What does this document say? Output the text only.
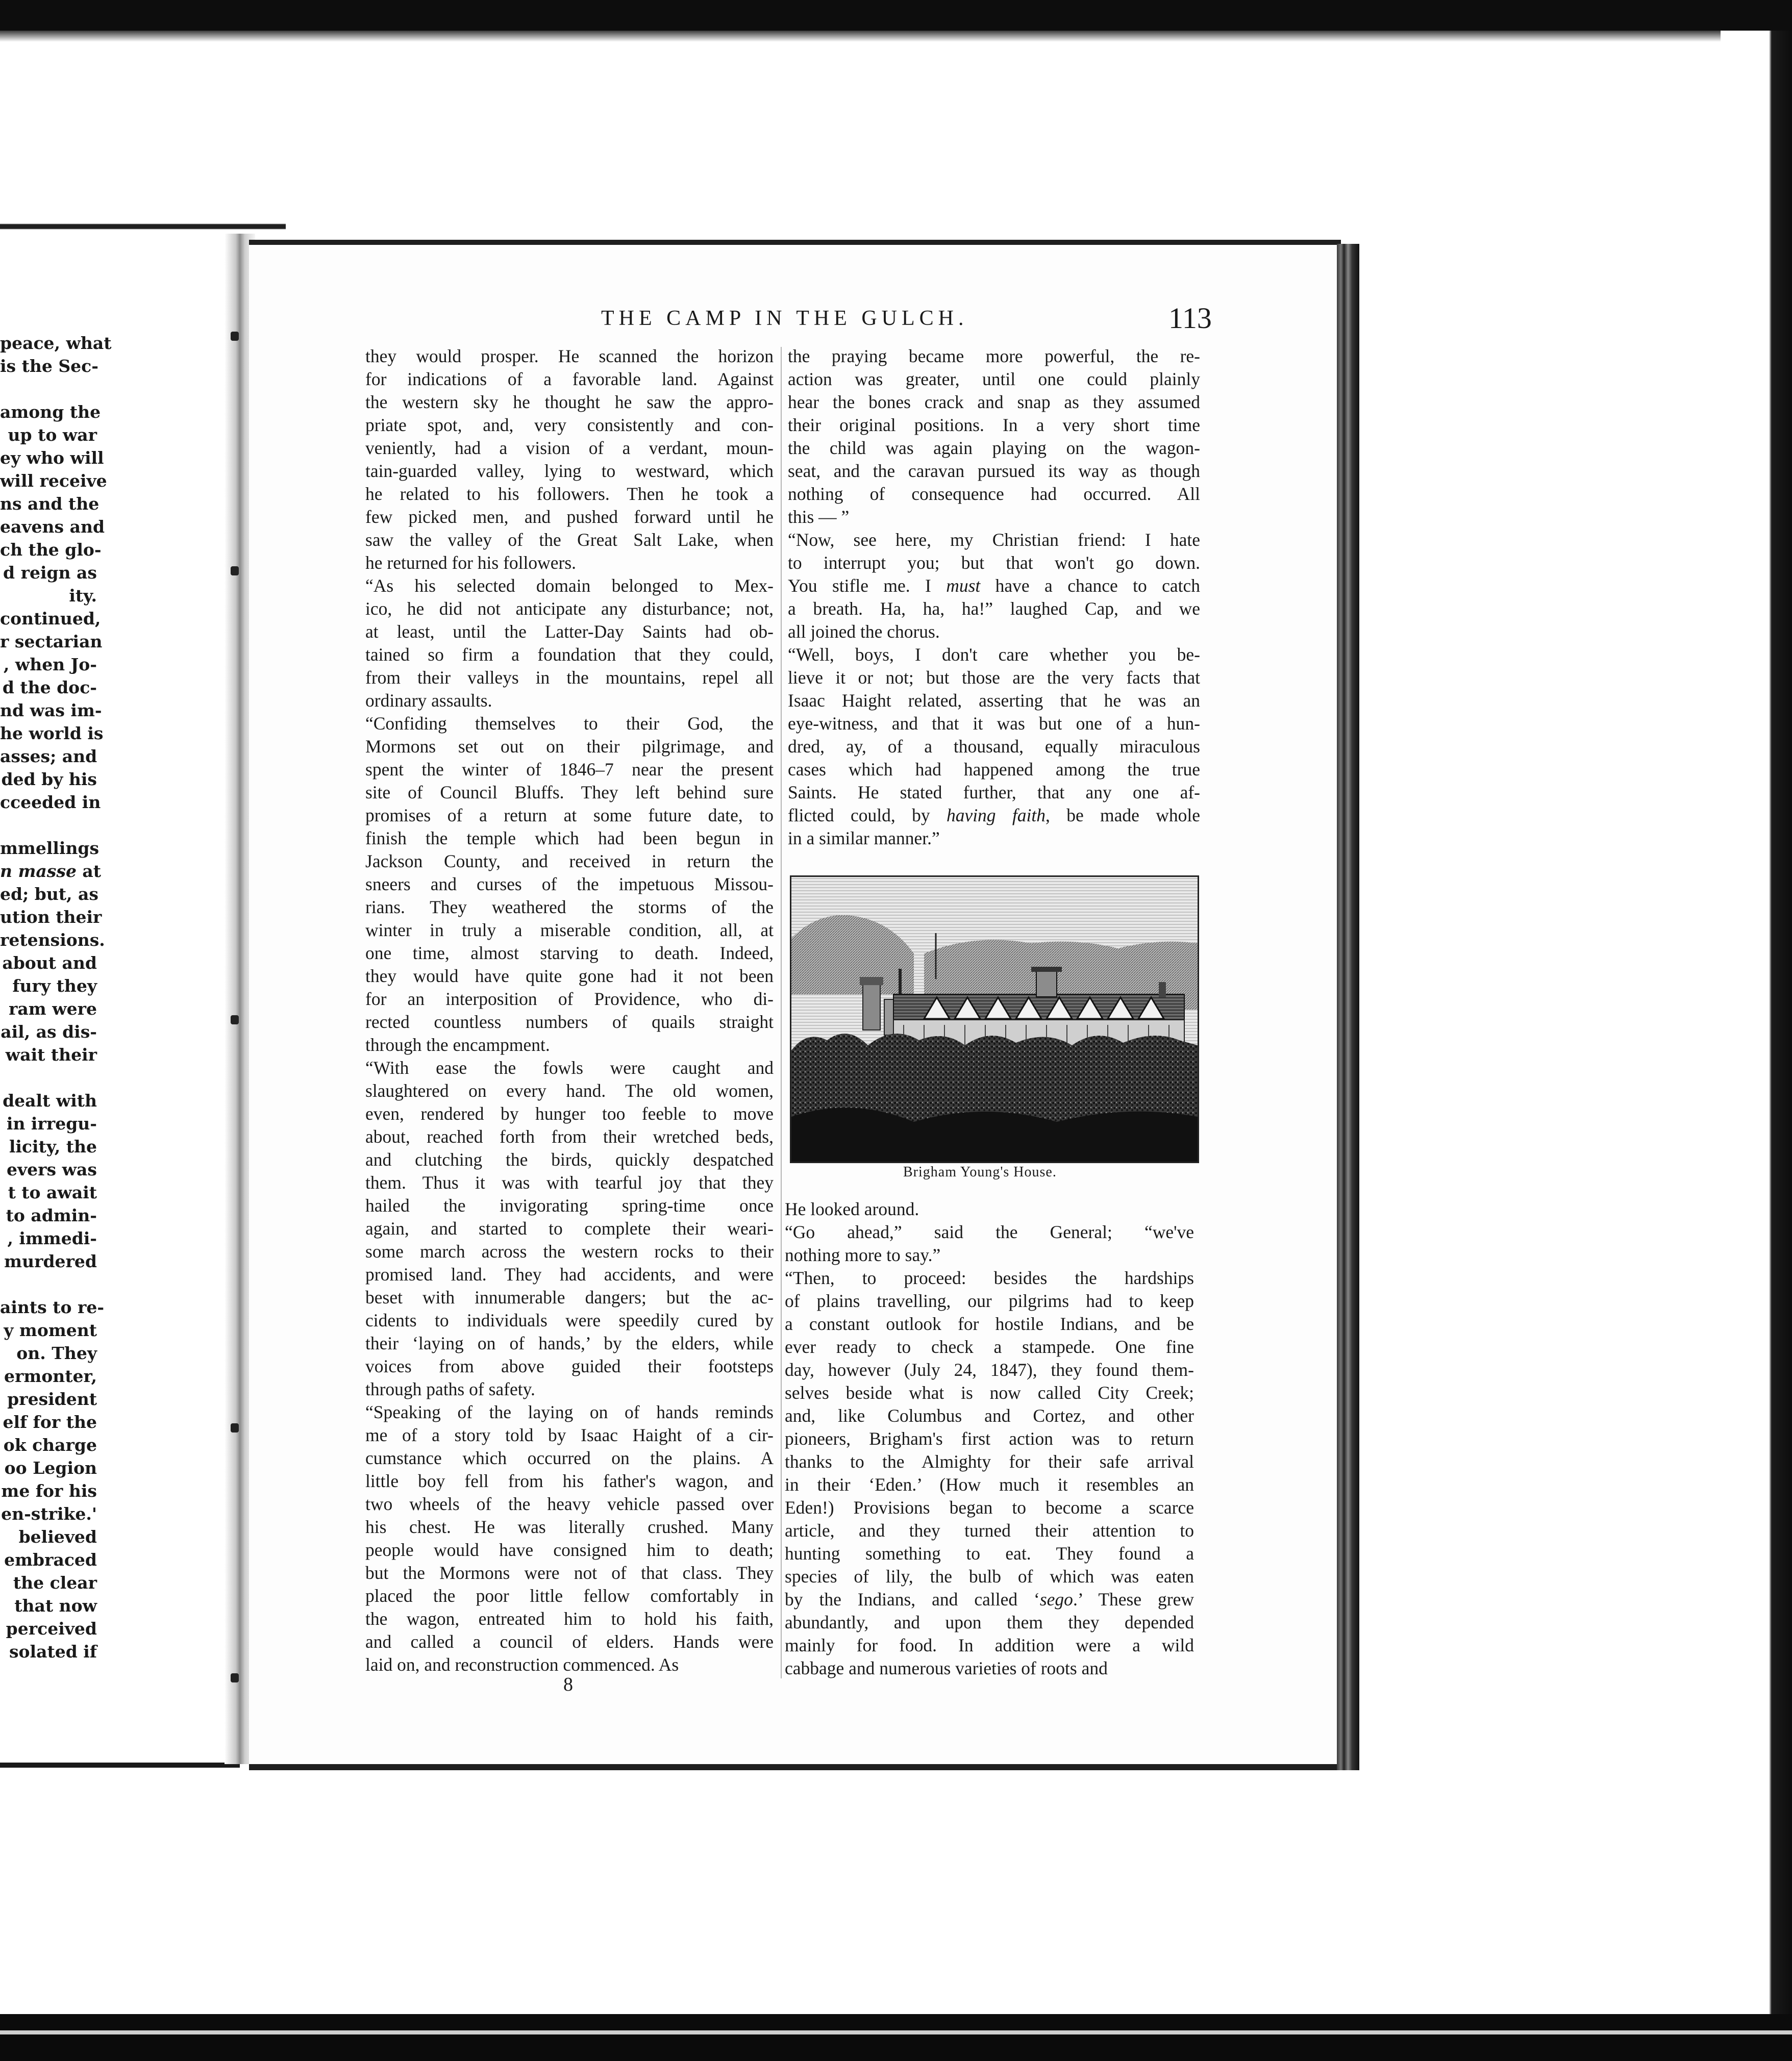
peace, what
is the Sec-
among the
up to war
ey who will
will receive
ns and the
eavens and
ch the glo-
d reign as
ity.
continued,
r sectarian
, when Jo-
d the doc-
nd was im-
he world is
asses; and
ded by his
cceeded in
mmellings
n masse at
ed; but, as
ution their
retensions.
about and
fury they
ram were
ail, as dis-
wait their
dealt with
in irregu-
licity, the
evers was
t to await
to admin-
, immedi-
murdered
aints to re-
y moment
on. They
ermonter,
president
elf for the
ok charge
oo Legion
me for his
en-strike.'
believed
embraced
the clear
that now
perceived
solated if
THE CAMP IN THE GULCH.	113
they would prosper. He scanned the horizon
for indications of a favorable land. Against
the western sky he thought he saw the appro-
priate spot, and, very consistently and con-
veniently, had a vision of a verdant, moun-
tain-guarded valley, lying to westward, which
he related to his followers. Then he took a
few picked men, and pushed forward until he
saw the valley of the Great Salt Lake, when
he returned for his followers.
“As his selected domain belonged to Mex-
ico, he did not anticipate any disturbance; not,
at least, until the Latter-Day Saints had ob-
tained so firm a foundation that they could,
from their valleys in the mountains, repel all
ordinary assaults.
“Confiding themselves to their God, the
Mormons set out on their pilgrimage, and
spent the winter of 1846–7 near the present
site of Council Bluffs. They left behind sure
promises of a return at some future date, to
finish the temple which had been begun in
Jackson County, and received in return the
sneers and curses of the impetuous Missou-
rians. They weathered the storms of the
winter in truly a miserable condition, all, at
one time, almost starving to death. Indeed,
they would have quite gone had it not been
for an interposition of Providence, who di-
rected countless numbers of quails straight
through the encampment.
“With ease the fowls were caught and
slaughtered on every hand. The old women,
even, rendered by hunger too feeble to move
about, reached forth from their wretched beds,
and clutching the birds, quickly despatched
them. Thus it was with tearful joy that they
hailed the invigorating spring-time once
again, and started to complete their weari-
some march across the western rocks to their
promised land. They had accidents, and were
beset with innumerable dangers; but the ac-
cidents to individuals were speedily cured by
their ‘laying on of hands,’ by the elders, while
voices from above guided their footsteps
through paths of safety.
“Speaking of the laying on of hands reminds
me of a story told by Isaac Haight of a cir-
cumstance which occurred on the plains. A
little boy fell from his father's wagon, and
two wheels of the heavy vehicle passed over
his chest. He was literally crushed. Many
people would have consigned him to death;
but the Mormons were not of that class. They
placed the poor little fellow comfortably in
the wagon, entreated him to hold his faith,
and called a council of elders. Hands were
laid on, and reconstruction commenced. As
the praying became more powerful, the re-
action was greater, until one could plainly
hear the bones crack and snap as they assumed
their original positions. In a very short time
the child was again playing on the wagon-
seat, and the caravan pursued its way as though
nothing of consequence had occurred. All
this — ”
“Now, see here, my Christian friend: I hate
to interrupt you; but that won't go down.
You stifle me. I must have a chance to catch
a breath. Ha, ha, ha!” laughed Cap, and we
all joined the chorus.
“Well, boys, I don't care whether you be-
lieve it or not; but those are the very facts that
Isaac Haight related, asserting that he was an
eye-witness, and that it was but one of a hun-
dred, ay, of a thousand, equally miraculous
cases which had happened among the true
Saints. He stated further, that any one af-
flicted could, by having faith, be made whole
in a similar manner.”
Brigham Young's House.
He looked around.
“Go ahead,” said the General; “we've
nothing more to say.”
“Then, to proceed: besides the hardships
of plains travelling, our pilgrims had to keep
a constant outlook for hostile Indians, and be
ever ready to check a stampede. One fine
day, however (July 24, 1847), they found them-
selves beside what is now called City Creek;
and, like Columbus and Cortez, and other
pioneers, Brigham's first action was to return
thanks to the Almighty for their safe arrival
in their ‘Eden.’ (How much it resembles an
Eden!) Provisions began to become a scarce
article, and they turned their attention to
hunting something to eat. They found a
species of lily, the bulb of which was eaten
by the Indians, and called ‘sego.’ These grew
abundantly, and upon them they depended
mainly for food. In addition were a wild
cabbage and numerous varieties of roots and
8
